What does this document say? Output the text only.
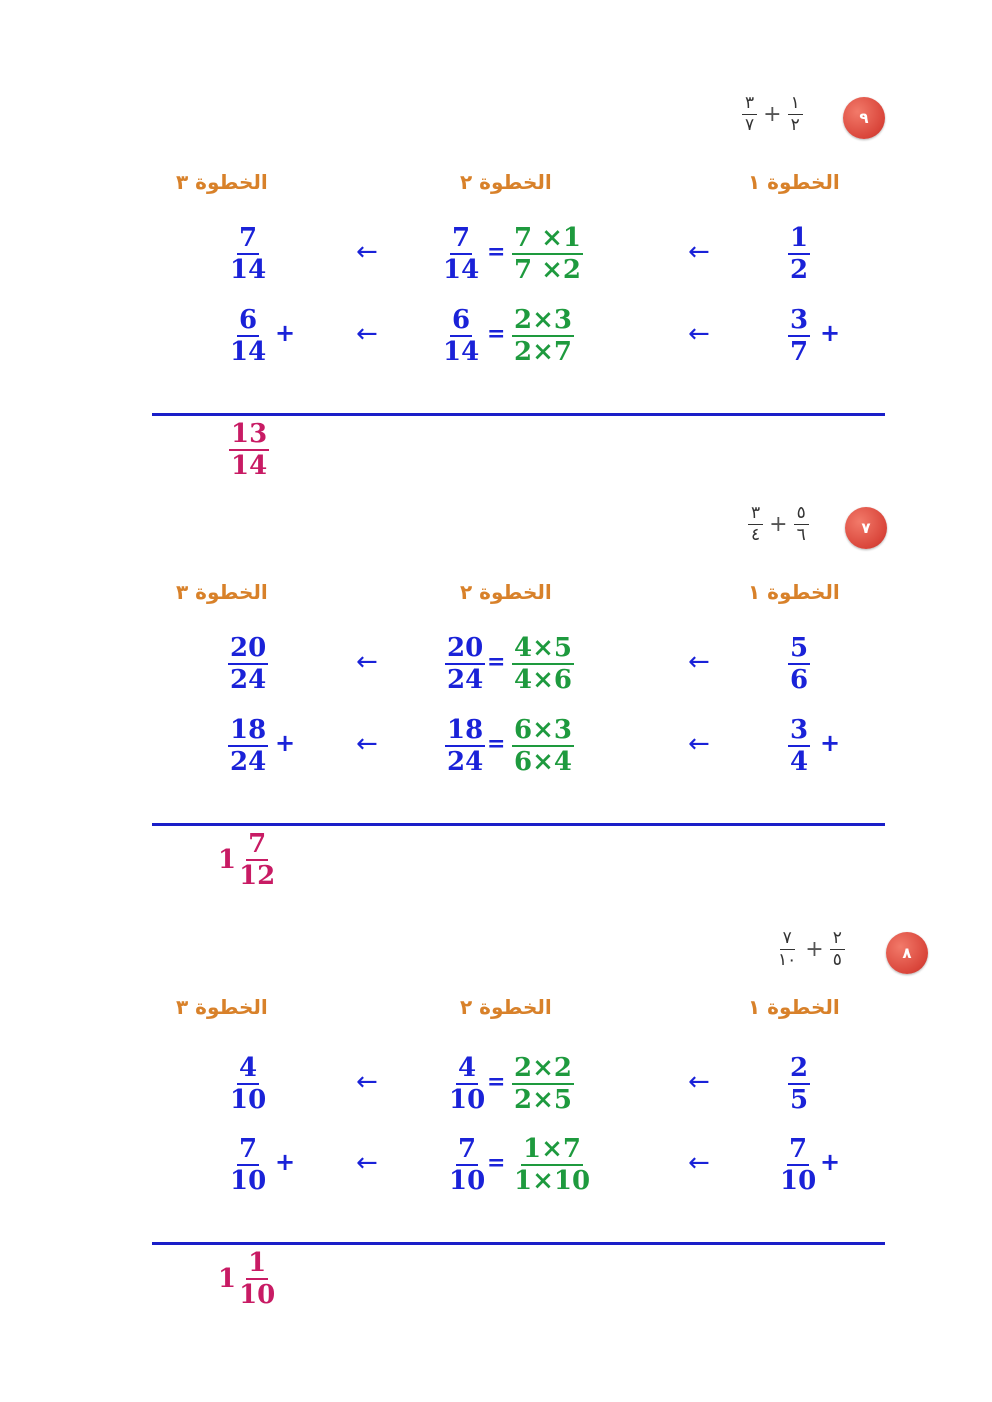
٩
٣
٧ + ١
٢
الخطوة ١
الخطوة ٢
الخطوة ٣
$\frac{1}{2}$
←
$\frac{7}{14} = \frac{7 \times 1}{7 \times 2}$
←
$\frac{7}{14}$
$\frac{3}{7}$ +
←
$\frac{6}{14} = \frac{2\times 3}{2\times 7}$
←
$\frac{6}{14}$ +
$\frac{13}{14}$
٧
٣
٤ + ٥
٦
الخطوة ١
الخطوة ٢
الخطوة ٣
$\frac{5}{6}$
←
$\frac{20}{24} = \frac{4\times 5}{4\times 6}$
←
$\frac{20}{24}$
$\frac{3}{4}$ +
←
$\frac{18}{24} = \frac{6\times 3}{6\times 4}$
←
$\frac{18}{24}$ +
$1 \frac{7}{12}$
٨
٧
١٠ + ٢
٥
الخطوة ١
الخطوة ٢
الخطوة ٣
$\frac{2}{5}$
←
$\frac{4}{10} = \frac{2\times 2}{2\times 5}$
←
$\frac{4}{10}$
$\frac{7}{10}$ +
←
$\frac{7}{10} = \frac{1\times 7}{1\times 10}$
←
$\frac{7}{10}$ +
$1 \frac{1}{10}$
